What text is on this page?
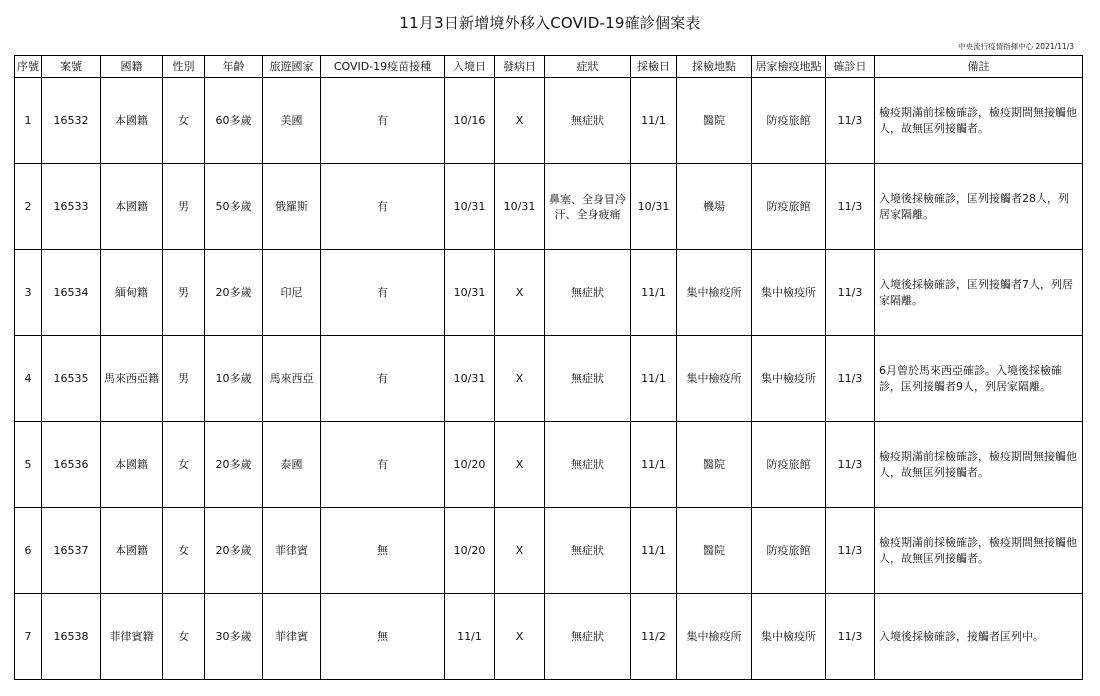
11月3日新增境外移入COVID-19確診個案表
中央流行疫情指揮中心 2021/11/3
序號	案號	國籍	性別	年齡	旅遊國家	COVID-19疫苗接種	入境日	發病日	症狀	採檢日	採檢地點	居家檢疫地點	確診日	備註
1	16532	本國籍	女	60多歲	美國	有	10/16	X	無症狀	11/1	醫院	防疫旅館	11/3	檢疫期滿前採檢確診，檢疫期間無接觸他人，故無匡列接觸者。
2	16533	本國籍	男	50多歲	俄羅斯	有	10/31	10/31	鼻塞、全身冒冷汗、全身疲痛	10/31	機場	防疫旅館	11/3	入境後採檢確診，匡列接觸者28人，列居家隔離。
3	16534	緬甸籍	男	20多歲	印尼	有	10/31	X	無症狀	11/1	集中檢疫所	集中檢疫所	11/3	入境後採檢確診，匡列接觸者7人，列居家隔離。
4	16535	馬來西亞籍	男	10多歲	馬來西亞	有	10/31	X	無症狀	11/1	集中檢疫所	集中檢疫所	11/3	6月曾於馬來西亞確診。入境後採檢確診，匡列接觸者9人，列居家隔離。
5	16536	本國籍	女	20多歲	泰國	有	10/20	X	無症狀	11/1	醫院	防疫旅館	11/3	檢疫期滿前採檢確診，檢疫期間無接觸他人，故無匡列接觸者。
6	16537	本國籍	女	20多歲	菲律賓	無	10/20	X	無症狀	11/1	醫院	防疫旅館	11/3	檢疫期滿前採檢確診，檢疫期間無接觸他人，故無匡列接觸者。
7	16538	菲律賓籍	女	30多歲	菲律賓	無	11/1	X	無症狀	11/2	集中檢疫所	集中檢疫所	11/3	入境後採檢確診，接觸者匡列中。
